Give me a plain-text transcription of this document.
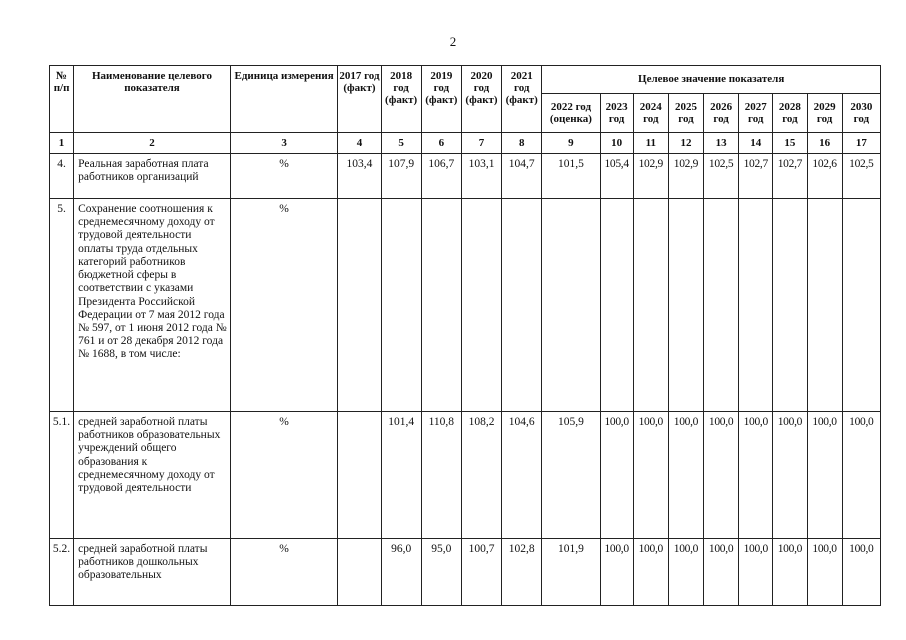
2
№ п/п	Наименование целевого показателя	Единица измерения	2017 год (факт)	2018 год (факт)	2019 год (факт)	2020 год (факт)	2021 год (факт)	Целевое значение показателя								
								2022 год (оценка)	2023 год	2024 год	2025 год	2026 год	2027 год	2028 год	2029 год	2030 год
1	2	3	4	5	6	7	8	9	10	11	12	13	14	15	16	17
4.	Реальная заработная плата работников организаций	%	103,4	107,9	106,7	103,1	104,7	101,5	105,4	102,9	102,9	102,5	102,7	102,7	102,6	102,5
5.	Сохранение соотношения к среднемесячному доходу от трудовой деятельности оплаты труда отдельных категорий работников бюджетной сферы в соответствии с указами Президента Российской Федерации от 7 мая 2012 года № 597, от 1 июня 2012 года № 761 и от 28 декабря 2012 года № 1688, в том числе:	%														
5.1.	средней заработной платы работников образовательных учреждений общего образования к среднемесячному доходу от трудовой деятельности	%		101,4	110,8	108,2	104,6	105,9	100,0	100,0	100,0	100,0	100,0	100,0	100,0	100,0
5.2.	средней заработной платы работников дошкольных образовательных	%		96,0	95,0	100,7	102,8	101,9	100,0	100,0	100,0	100,0	100,0	100,0	100,0	100,0
